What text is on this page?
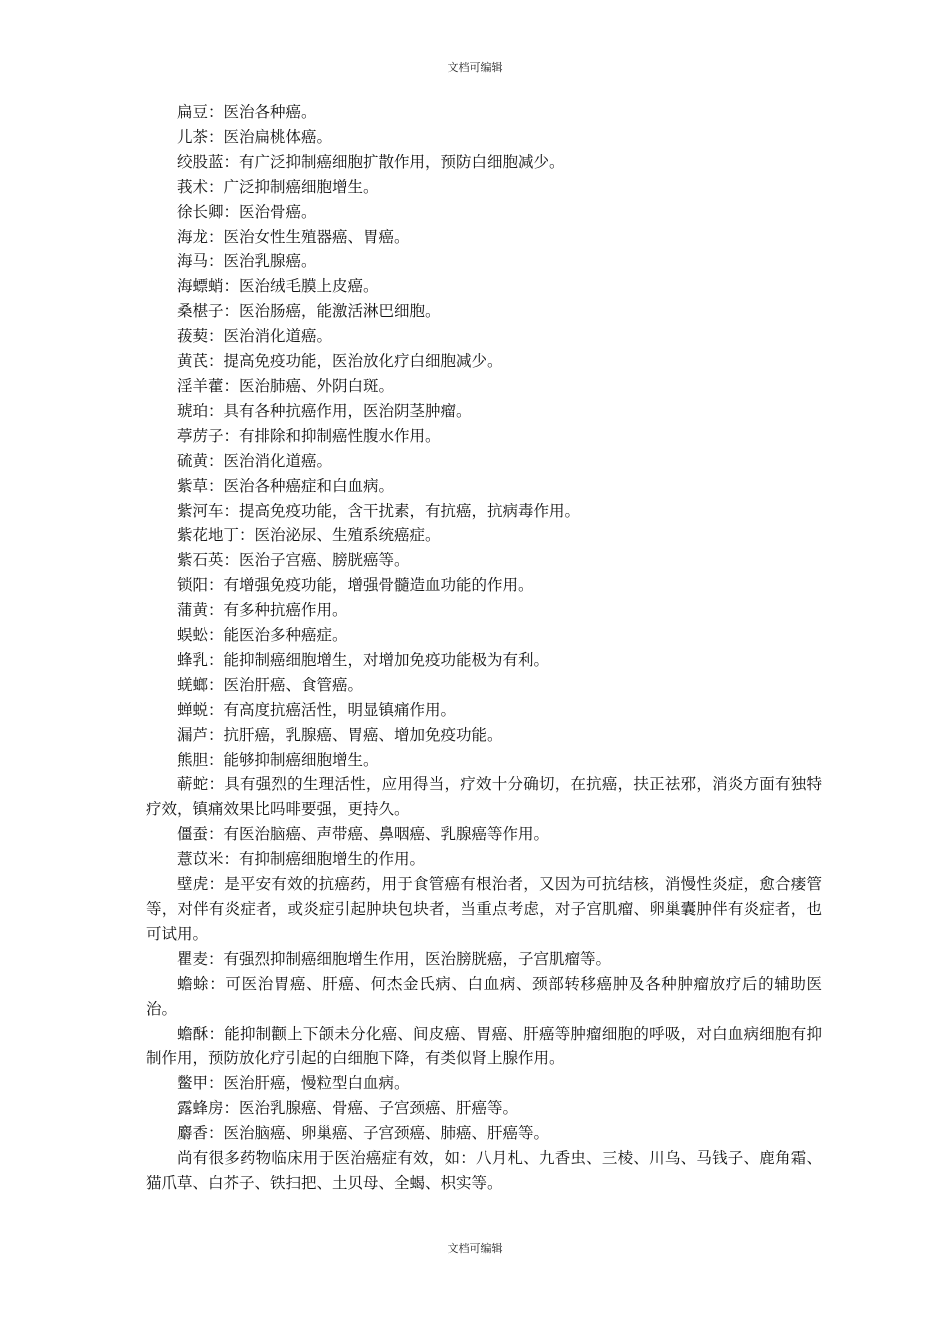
文档可编辑

扁豆：医治各种癌。

儿茶：医治扁桃体癌。

绞股蓝：有广泛抑制癌细胞扩散作用，预防白细胞减少。

莪术：广泛抑制癌细胞增生。

徐长卿：医治骨癌。

海龙：医治女性生殖器癌、胃癌。

海马：医治乳腺癌。

海螵蛸：医治绒毛膜上皮癌。

桑椹子：医治肠癌，能激活淋巴细胞。

菝葜：医治消化道癌。

黄芪：提高免疫功能，医治放化疗白细胞减少。

淫羊藿：医治肺癌、外阴白斑。

琥珀：具有各种抗癌作用，医治阴茎肿瘤。

葶苈子：有排除和抑制癌性腹水作用。

硫黄：医治消化道癌。

紫草：医治各种癌症和白血病。

紫河车：提高免疫功能，含干扰素，有抗癌，抗病毒作用。

紫花地丁：医治泌尿、生殖系统癌症。

紫石英：医治子宫癌、膀胱癌等。

锁阳：有增强免疫功能，增强骨髓造血功能的作用。

蒲黄：有多种抗癌作用。

蜈蚣：能医治多种癌症。

蜂乳：能抑制癌细胞增生，对增加免疫功能极为有利。

蜣螂：医治肝癌、食管癌。

蝉蜕：有高度抗癌活性，明显镇痛作用。

漏芦：抗肝癌，乳腺癌、胃癌、增加免疫功能。

熊胆：能够抑制癌细胞增生。

蕲蛇：具有强烈的生理活性，应用得当，疗效十分确切，在抗癌，扶正祛邪，消炎方面有独特疗效，镇痛效果比吗啡要强，更持久。

僵蚕：有医治脑癌、声带癌、鼻咽癌、乳腺癌等作用。

薏苡米：有抑制癌细胞增生的作用。

壁虎：是平安有效的抗癌药，用于食管癌有根治者，又因为可抗结核，消慢性炎症，愈合瘘管等，对伴有炎症者，或炎症引起肿块包块者，当重点考虑，对子宫肌瘤、卵巢囊肿伴有炎症者，也可试用。

瞿麦：有强烈抑制癌细胞增生作用，医治膀胱癌，子宫肌瘤等。

蟾蜍：可医治胃癌、肝癌、何杰金氏病、白血病、颈部转移癌肿及各种肿瘤放疗后的辅助医治。

蟾酥：能抑制颧上下颌未分化癌、间皮癌、胃癌、肝癌等肿瘤细胞的呼吸，对白血病细胞有抑制作用，预防放化疗引起的白细胞下降，有类似肾上腺作用。

鳖甲：医治肝癌，慢粒型白血病。

露蜂房：医治乳腺癌、骨癌、子宫颈癌、肝癌等。

麝香：医治脑癌、卵巢癌、子宫颈癌、肺癌、肝癌等。

尚有很多药物临床用于医治癌症有效，如：八月札、九香虫、三棱、川乌、马钱子、鹿角霜、猫爪草、白芥子、铁扫把、土贝母、全蝎、枳实等。

文档可编辑
